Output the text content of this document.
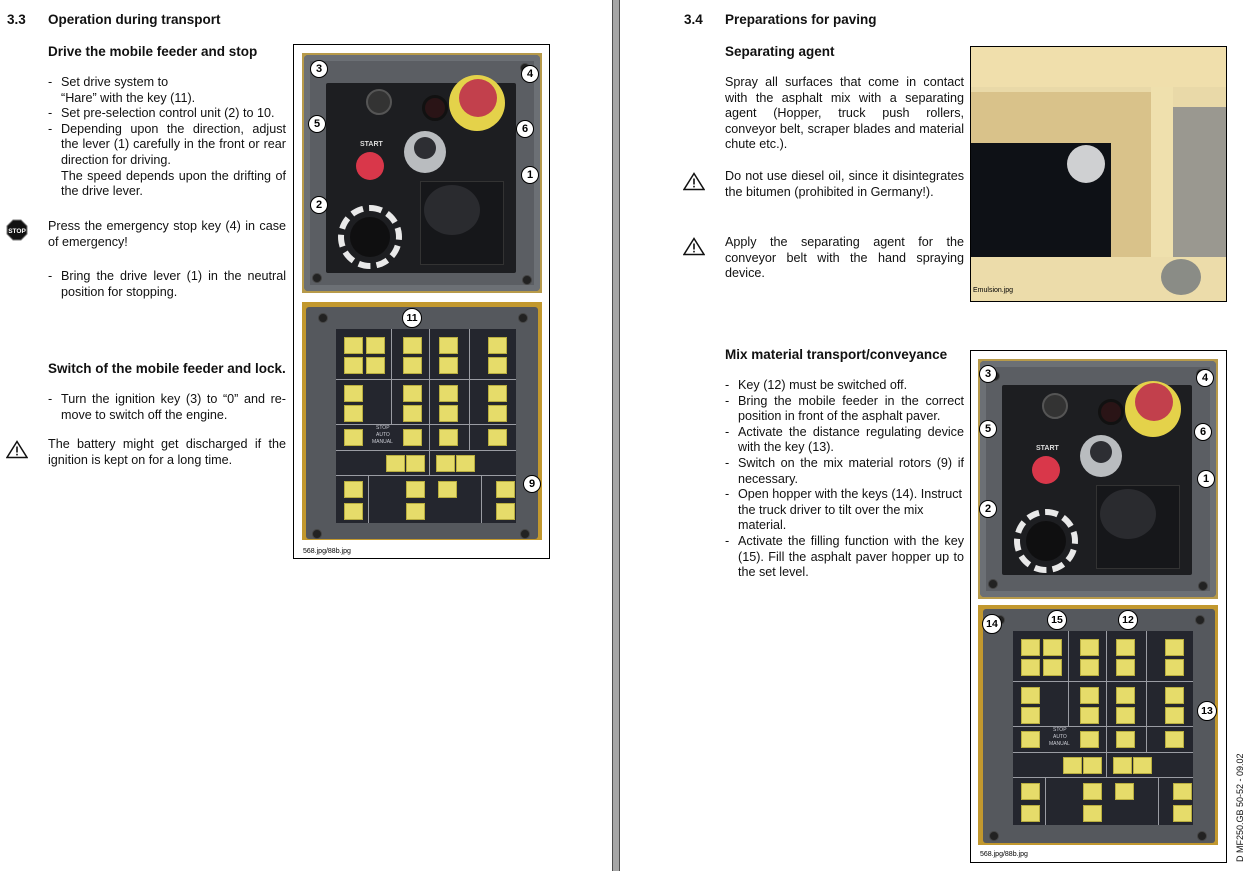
3.3 Operation during transport
Drive the mobile feeder and stop
- Set drive system to
“Hare” with the key (11).
- Set pre-selection control unit (2) to 10.
- Depending upon the direction, adjust the lever (1) carefully in the front or rear direction for driving.
The speed depends upon the drifting of the drive lever.
STOP Press the emergency stop key (4) in case of emergency!
- Bring the drive lever (1) in the neutral position for stopping.
Switch of the mobile feeder and lock.
- Turn the ignition key (3) to “0” and re-move to switch off the engine.
The battery might get discharged if the ignition is kept on for a long time.
START
3	4
5	6
1
2
STOP
AUTO
MANUAL
11
9
568.jpg/88b.jpg
3.4 Preparations for paving
Separating agent
Spray all surfaces that come in contact with the asphalt mix with a separating agent (Hopper, truck push rollers, conveyor belt, scraper blades and material chute etc.).
Do not use diesel oil, since it disintegrates the bitumen (prohibited in Germany!).
Apply the separating agent for the conveyor belt with the hand spraying device.
Emulsion.jpg
Mix material transport/conveyance
- Key (12) must be switched off.
- Bring the mobile feeder in the correct position in front of the asphalt paver.
- Activate the distance regulating device with the key (13).
- Switch on the mix material rotors (9) if necessary.
- Open hopper with the keys (14). Instruct the truck driver to tilt over the mix material.
- Activate the filling function with the key (15). Fill the asphalt paver hopper up to the set level.
START
3	4
5	6
1
2
STOP
AUTO
MANUAL
15	12
14
13
568.jpg/88b.jpg	D MF250.GB 50-52 - 09.02
